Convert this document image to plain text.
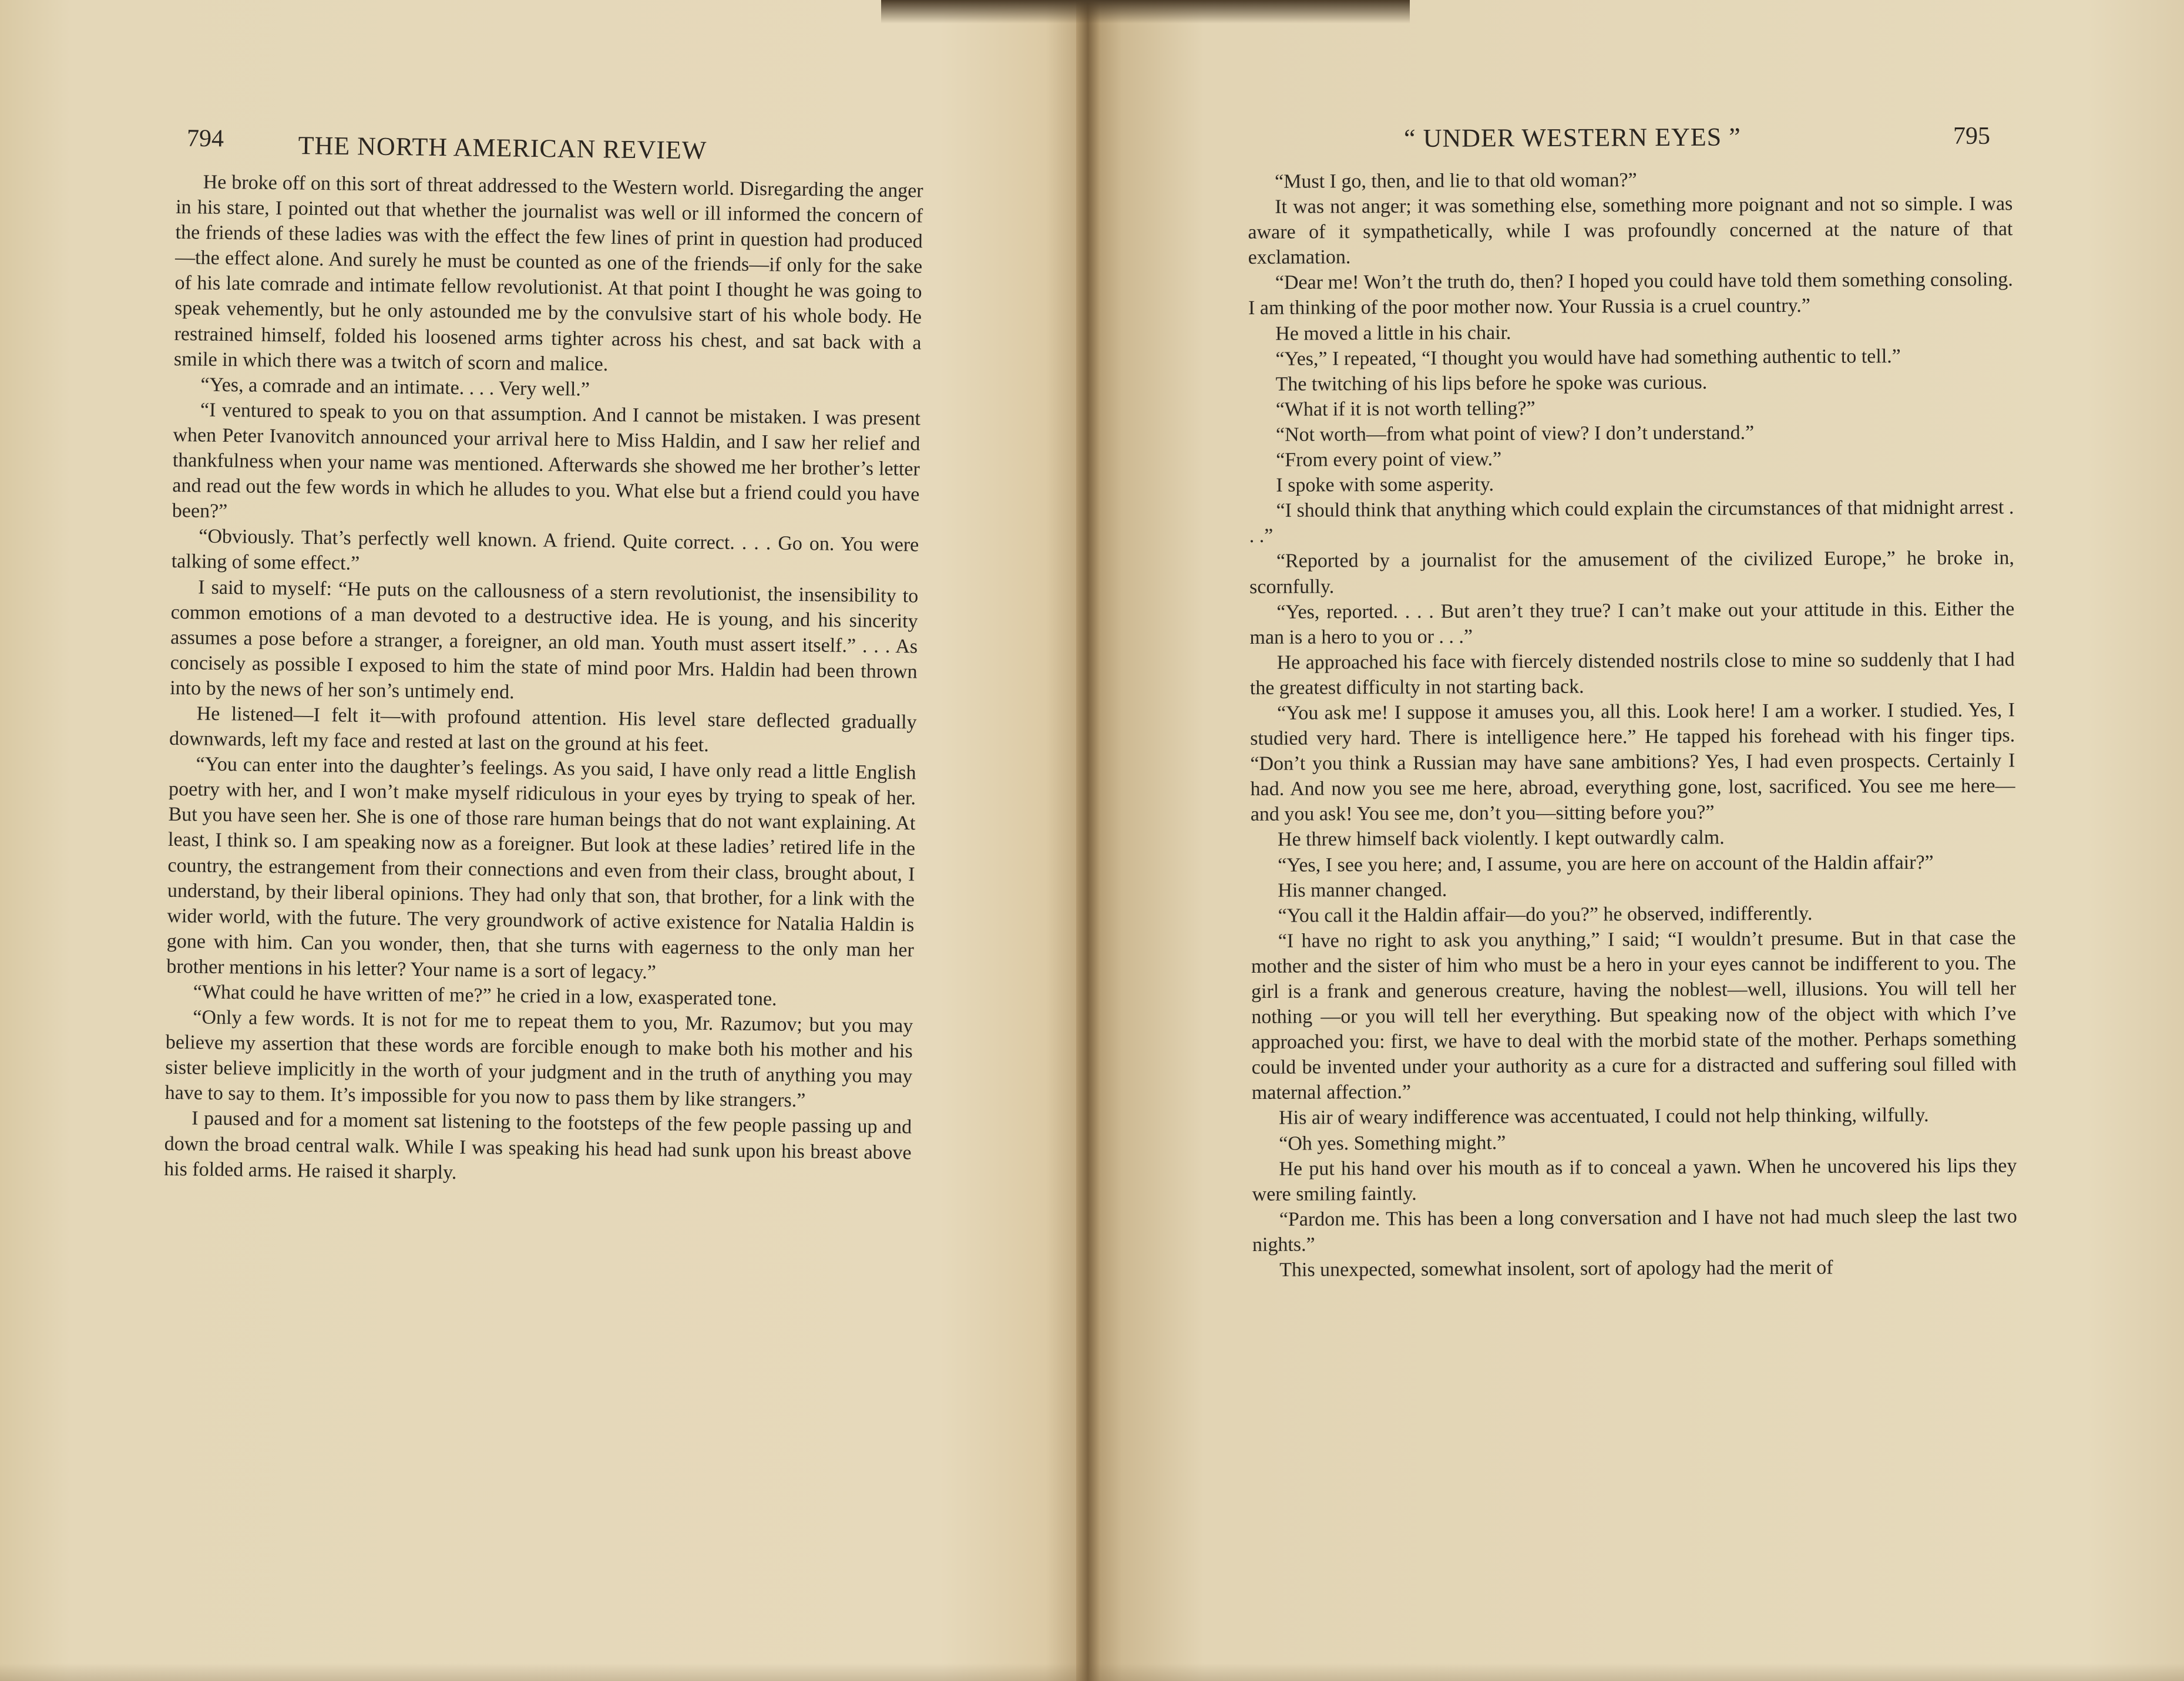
794	THE NORTH AMERICAN REVIEW

He broke off on this sort of threat addressed to the Western world. Disregarding the anger in his stare, I pointed out that whether the journalist was well or ill informed the concern of the friends of these ladies was with the effect the few lines of print in question had produced—the effect alone. And surely he must be counted as one of the friends—if only for the sake of his late comrade and intimate fellow revolutionist. At that point I thought he was going to speak vehemently, but he only astounded me by the convulsive start of his whole body. He restrained himself, folded his loosened arms tighter across his chest, and sat back with a smile in which there was a twitch of scorn and malice.

“Yes, a comrade and an intimate. . . . Very well.”

“I ventured to speak to you on that assumption. And I cannot be mistaken. I was present when Peter Ivanovitch announced your arrival here to Miss Haldin, and I saw her relief and thankfulness when your name was mentioned. Afterwards she showed me her brother’s letter and read out the few words in which he alludes to you. What else but a friend could you have been?”

“Obviously. That’s perfectly well known. A friend. Quite correct. . . . Go on. You were talking of some effect.”

I said to myself: “He puts on the callousness of a stern revolutionist, the insensibility to common emotions of a man devoted to a destructive idea. He is young, and his sincerity assumes a pose before a stranger, a foreigner, an old man. Youth must assert itself.” . . . As concisely as possible I exposed to him the state of mind poor Mrs. Haldin had been thrown into by the news of her son’s untimely end.

He listened—I felt it—with profound attention. His level stare deflected gradually downwards, left my face and rested at last on the ground at his feet.

“You can enter into the daughter’s feelings. As you said, I have only read a little English poetry with her, and I won’t make myself ridiculous in your eyes by trying to speak of her. But you have seen her. She is one of those rare human beings that do not want explaining. At least, I think so. I am speaking now as a foreigner. But look at these ladies’ retired life in the country, the estrangement from their connections and even from their class, brought about, I understand, by their liberal opinions. They had only that son, that brother, for a link with the wider world, with the future. The very groundwork of active existence for Natalia Haldin is gone with him. Can you wonder, then, that she turns with eagerness to the only man her brother mentions in his letter? Your name is a sort of legacy.”

“What could he have written of me?” he cried in a low, exasperated tone.

“Only a few words. It is not for me to repeat them to you, Mr. Razumov; but you may believe my assertion that these words are forcible enough to make both his mother and his sister believe implicitly in the worth of your judgment and in the truth of anything you may have to say to them. It’s impossible for you now to pass them by like strangers.”

I paused and for a moment sat listening to the footsteps of the few people passing up and down the broad central walk. While I was speaking his head had sunk upon his breast above his folded arms. He raised it sharply.

“ UNDER WESTERN EYES ”	795

“Must I go, then, and lie to that old woman?”

It was not anger; it was something else, something more poignant and not so simple. I was aware of it sympathetically, while I was profoundly concerned at the nature of that exclamation.

“Dear me! Won’t the truth do, then? I hoped you could have told them something consoling. I am thinking of the poor mother now. Your Russia is a cruel country.”

He moved a little in his chair.

“Yes,” I repeated, “I thought you would have had something authentic to tell.”

The twitching of his lips before he spoke was curious.

“What if it is not worth telling?”

“Not worth—from what point of view? I don’t understand.”

“From every point of view.”

I spoke with some asperity.

“I should think that anything which could explain the circumstances of that midnight arrest . . .”

“Reported by a journalist for the amusement of the civilized Europe,” he broke in, scornfully.

“Yes, reported. . . . But aren’t they true? I can’t make out your attitude in this. Either the man is a hero to you or . . .”

He approached his face with fiercely distended nostrils close to mine so suddenly that I had the greatest difficulty in not starting back.

“You ask me! I suppose it amuses you, all this. Look here! I am a worker. I studied. Yes, I studied very hard. There is intelligence here.” He tapped his forehead with his finger tips. “Don’t you think a Russian may have sane ambitions? Yes, I had even prospects. Certainly I had. And now you see me here, abroad, everything gone, lost, sacrificed. You see me here—and you ask! You see me, don’t you—sitting before you?”

He threw himself back violently. I kept outwardly calm.

“Yes, I see you here; and, I assume, you are here on account of the Haldin affair?”

His manner changed.

“You call it the Haldin affair—do you?” he observed, indifferently.

“I have no right to ask you anything,” I said; “I wouldn’t presume. But in that case the mother and the sister of him who must be a hero in your eyes cannot be indifferent to you. The girl is a frank and generous creature, having the noblest—well, illusions. You will tell her nothing —or you will tell her everything. But speaking now of the object with which I’ve approached you: first, we have to deal with the morbid state of the mother. Perhaps something could be invented under your authority as a cure for a distracted and suffering soul filled with maternal affection.”

His air of weary indifference was accentuated, I could not help thinking, wilfully.

“Oh yes. Something might.”

He put his hand over his mouth as if to conceal a yawn. When he uncovered his lips they were smiling faintly.

“Pardon me. This has been a long conversation and I have not had much sleep the last two nights.”

This unexpected, somewhat insolent, sort of apology had the merit of
